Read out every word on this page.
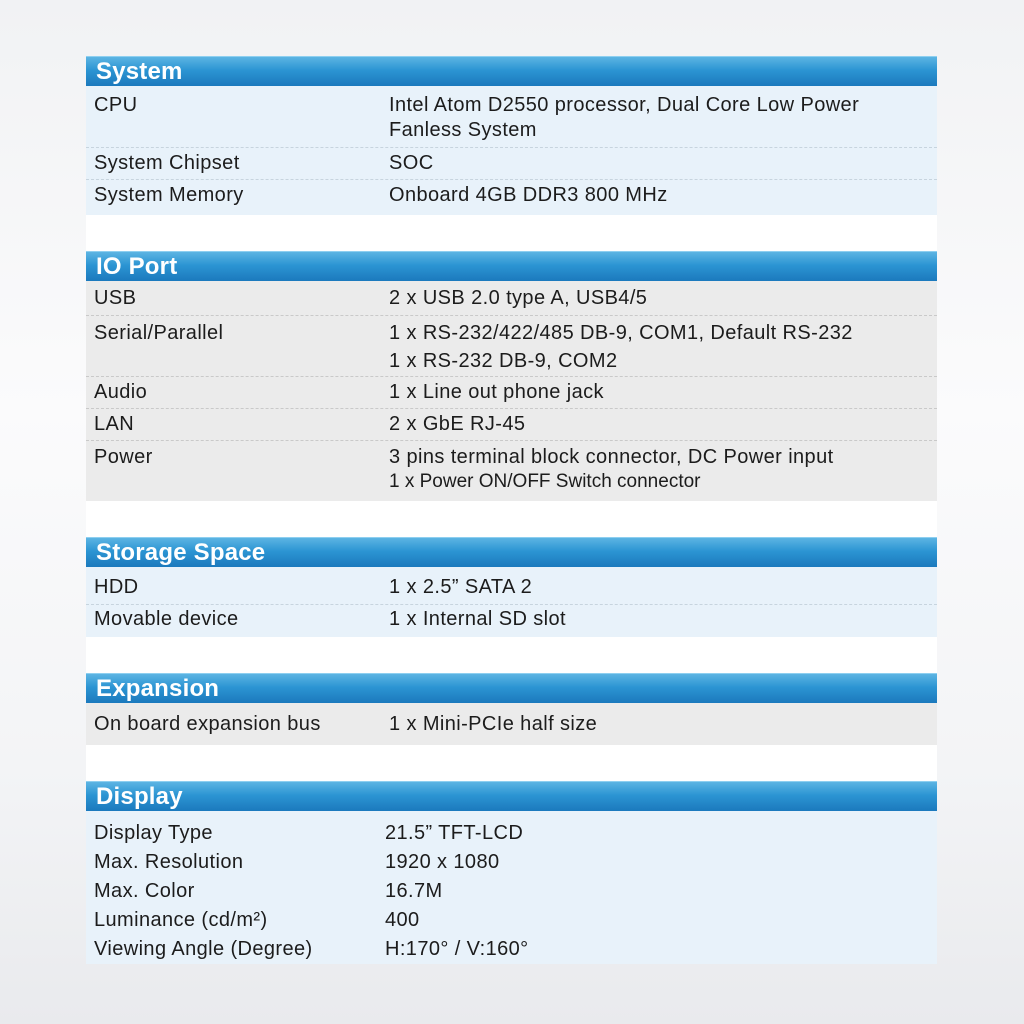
System
CPU	Intel Atom D2550 processor, Dual Core Low Power
Fanless System
System Chipset	SOC
System Memory	Onboard 4GB DDR3 800 MHz
IO Port
USB	2 x USB 2.0 type A, USB4/5
Serial/Parallel	1 x RS-232/422/485 DB-9, COM1, Default RS-232
1 x RS-232 DB-9, COM2
Audio	1 x Line out phone jack
LAN	2 x GbE RJ-45
Power	3 pins terminal block connector, DC Power input
1 x Power ON/OFF Switch connector
Storage Space
HDD	1 x 2.5” SATA 2
Movable device	1 x Internal SD slot
Expansion
On board expansion bus	1 x Mini-PCIe half size
Display
Display Type	21.5” TFT-LCD
Max. Resolution	1920 x 1080
Max. Color	16.7M
Luminance (cd/m²)	400
Viewing Angle (Degree)	H:170° / V:160°
